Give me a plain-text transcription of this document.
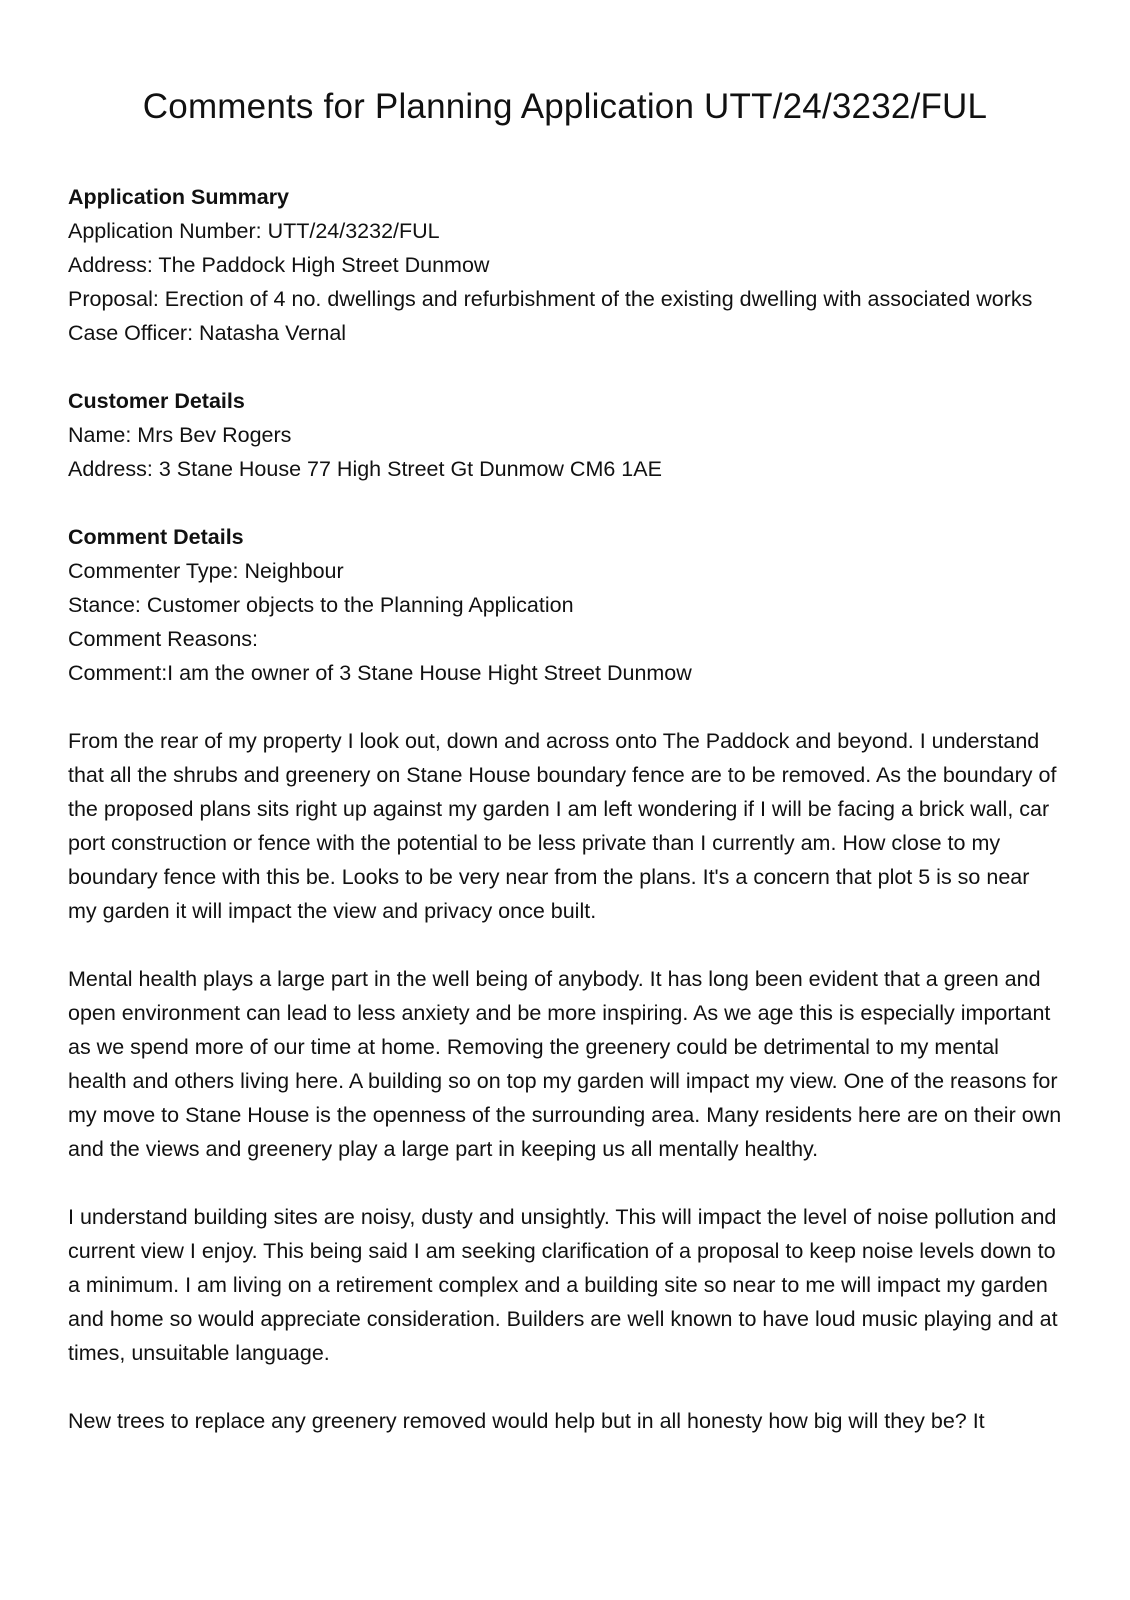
Comments for Planning Application UTT/24/3232/FUL

Application Summary

Application Number: UTT/24/3232/FUL

Address: The Paddock High Street Dunmow

Proposal: Erection of 4 no. dwellings and refurbishment of the existing dwelling with associated works

Case Officer: Natasha Vernal

Customer Details

Name: Mrs Bev Rogers

Address: 3 Stane House 77 High Street Gt Dunmow CM6 1AE

Comment Details

Commenter Type: Neighbour

Stance: Customer objects to the Planning Application

Comment Reasons:

Comment:I am the owner of 3 Stane House Hight Street Dunmow

From the rear of my property I look out, down and across onto The Paddock and beyond. I understand that all the shrubs and greenery on Stane House boundary fence are to be removed. As the boundary of the proposed plans sits right up against my garden I am left wondering if I will be facing a brick wall, car port construction or fence with the potential to be less private than I currently am. How close to my boundary fence with this be. Looks to be very near from the plans. It's a concern that plot 5 is so near my garden it will impact the view and privacy once built.

Mental health plays a large part in the well being of anybody. It has long been evident that a green and open environment can lead to less anxiety and be more inspiring. As we age this is especially important as we spend more of our time at home. Removing the greenery could be detrimental to my mental health and others living here. A building so on top my garden will impact my view. One of the reasons for my move to Stane House is the openness of the surrounding area. Many residents here are on their own and the views and greenery play a large part in keeping us all mentally healthy.

I understand building sites are noisy, dusty and unsightly. This will impact the level of noise pollution and current view I enjoy. This being said I am seeking clarification of a proposal to keep noise levels down to a minimum. I am living on a retirement complex and a building site so near to me will impact my garden and home so would appreciate consideration. Builders are well known to have loud music playing and at times, unsuitable language.

New trees to replace any greenery removed would help but in all honesty how big will they be? It
